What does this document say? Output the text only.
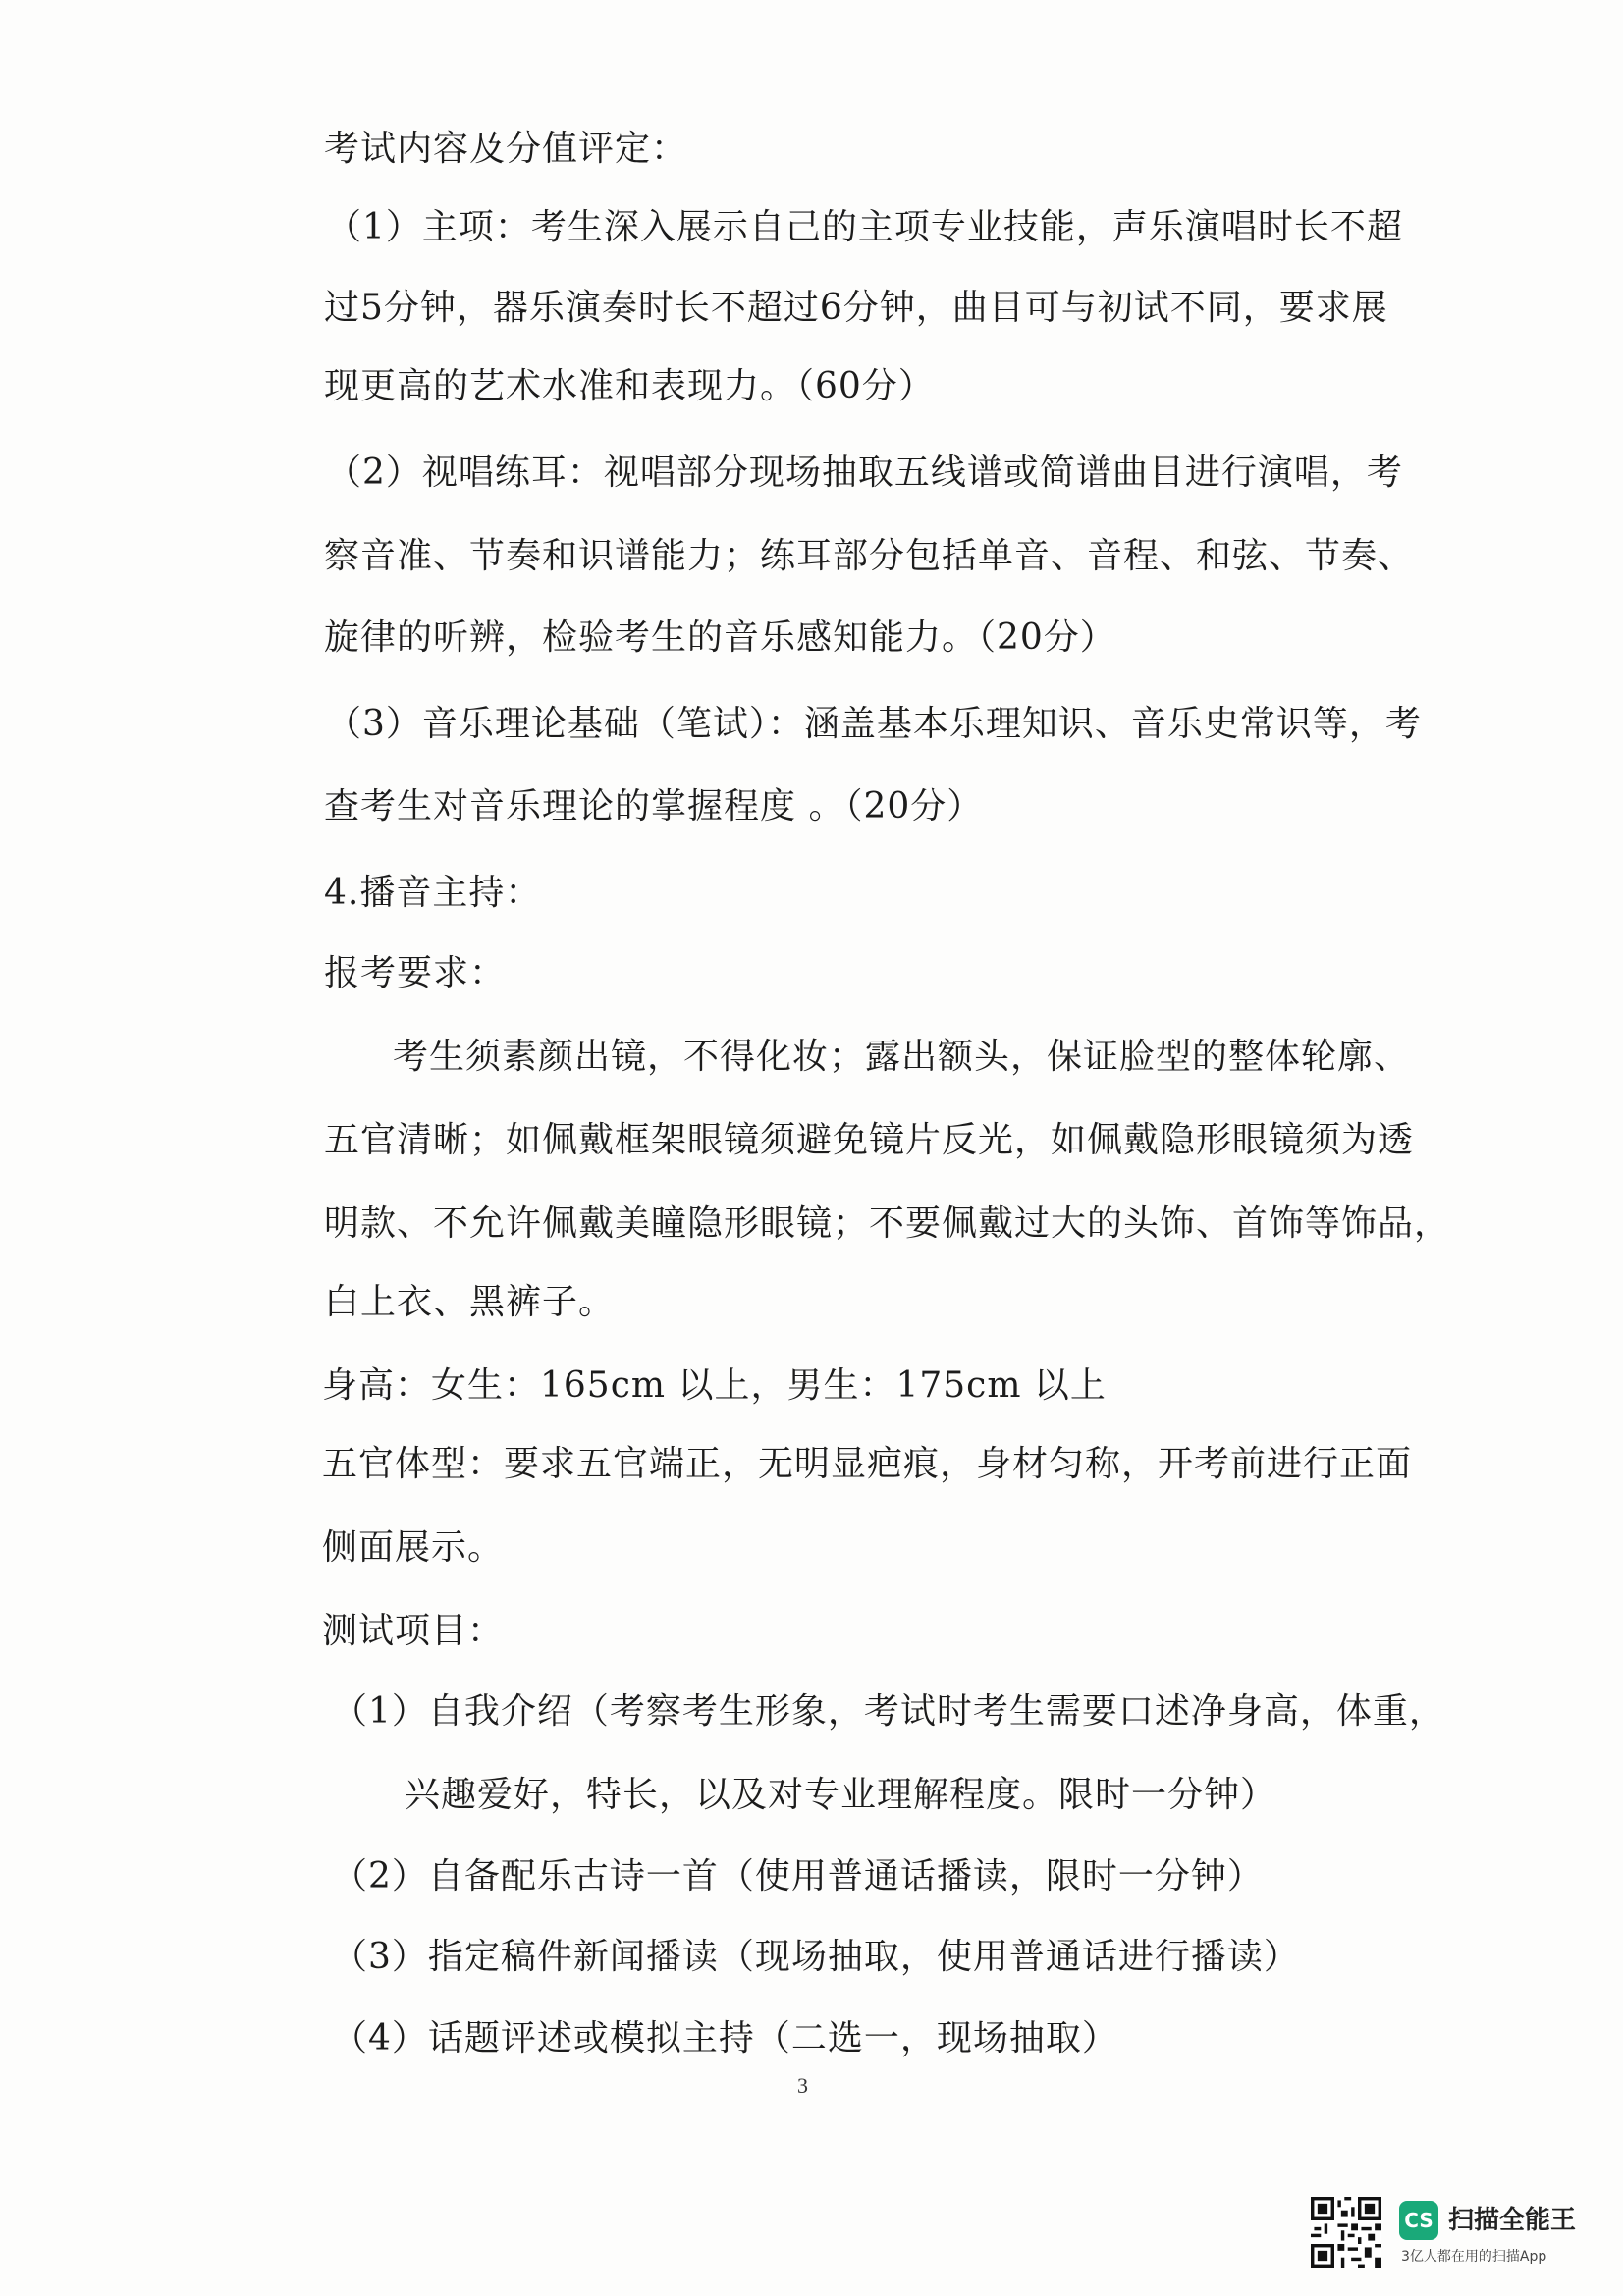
考试内容及分值评定：
（1）主项：考生深入展示自己的主项专业技能，声乐演唱时长不超
过5分钟，器乐演奏时长不超过6分钟，曲目可与初试不同，要求展
现更高的艺术水准和表现力。（60分）
（2）视唱练耳：视唱部分现场抽取五线谱或简谱曲目进行演唱，考
察音准、节奏和识谱能力；练耳部分包括单音、音程、和弦、节奏、
旋律的听辨，检验考生的音乐感知能力。（20分）
（3）音乐理论基础（笔试）：涵盖基本乐理知识、音乐史常识等，考
查考生对音乐理论的掌握程度 。（20分）
4.播音主持：
报考要求：
考生须素颜出镜，不得化妆；露出额头，保证脸型的整体轮廓、
五官清晰；如佩戴框架眼镜须避免镜片反光，如佩戴隐形眼镜须为透
明款、不允许佩戴美瞳隐形眼镜；不要佩戴过大的头饰、首饰等饰品，
白上衣、黑裤子。
身高：女生：165cm 以上，男生：175cm 以上
五官体型：要求五官端正，无明显疤痕，身材匀称，开考前进行正面
侧面展示。
测试项目：
（1）自我介绍（考察考生形象，考试时考生需要口述净身高，体重，
兴趣爱好，特长，以及对专业理解程度。限时一分钟）
（2）自备配乐古诗一首（使用普通话播读，限时一分钟）
（3）指定稿件新闻播读（现场抽取，使用普通话进行播读）
（4）话题评述或模拟主持（二选一，现场抽取）
3
CS 扫描全能王
3亿人都在用的扫描App
